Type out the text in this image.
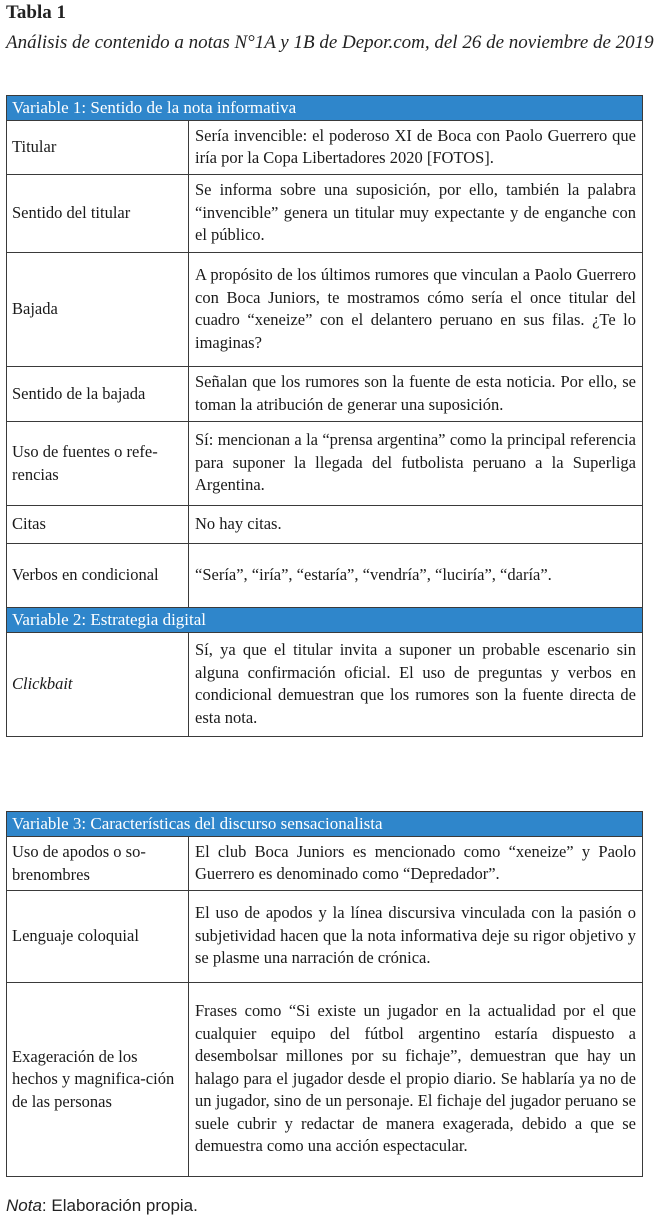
Tabla 1
Análisis de contenido a notas N°1A y 1B de Depor.com, del 26 de noviembre de 2019
Variable 1: Sentido de la nota informativa	
Titular	Sería invencible: el poderoso XI de Boca con Paolo Guerrero que iría por la Copa Libertadores 2020 [FOTOS].
Sentido del titular	Se informa sobre una suposición, por ello, también la palabra “invencible” genera un titular muy expectante y de enganche con el público.
Bajada	A propósito de los últimos rumores que vinculan a Paolo Guerrero con Boca Juniors, te mostramos cómo sería el once titular del cuadro “xeneize” con el delantero peruano en sus filas. ¿Te lo imaginas?
Sentido de la bajada	Señalan que los rumores son la fuente de esta noticia. Por ello, se toman la atribución de generar una suposición.
Uso de fuentes o refe-rencias	Sí: mencionan a la “prensa argentina” como la principal referencia para suponer la llegada del futbolista peruano a la Superliga Argentina.
Citas	No hay citas.
Verbos en condicional	“Sería”, “iría”, “estaría”, “vendría”, “luciría”, “daría”.
Variable 2: Estrategia digital	
Clickbait	Sí, ya que el titular invita a suponer un probable escenario sin alguna confirmación oficial. El uso de preguntas y verbos en condicional demuestran que los rumores son la fuente directa de esta nota.
Variable 3: Características del discurso sensacionalista	
Uso de apodos o so-brenombres	El club Boca Juniors es mencionado como “xeneize” y Paolo Guerrero es denominado como “Depredador”.
Lenguaje coloquial	El uso de apodos y la línea discursiva vinculada con la pasión o subjetividad hacen que la nota informativa deje su rigor objetivo y se plasme una narración de crónica.
Exageración de los hechos y magnifica-ción de las personas	Frases como “Si existe un jugador en la actualidad por el que cualquier equipo del fútbol argentino estaría dispuesto a desembolsar millones por su fichaje”, demuestran que hay un halago para el jugador desde el propio diario. Se hablaría ya no de un jugador, sino de un personaje. El fichaje del jugador peruano se suele cubrir y redactar de manera exagerada, debido a que se demuestra como una acción espectacular.
Nota: Elaboración propia.
